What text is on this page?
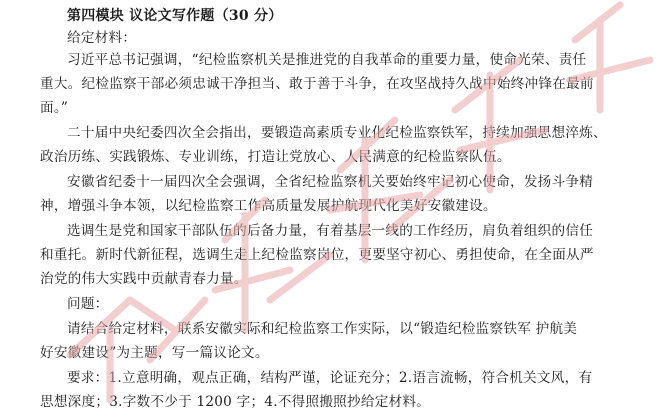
第四模块 议论文写作题（30 分）
给定材料：
习近平总书记强调，“纪检监察机关是推进党的自我革命的重要力量，使命光荣、责任
重大。纪检监察干部必须忠诚干净担当、敢于善于斗争，在攻坚战持久战中始终冲锋在最前
面。”
二十届中央纪委四次全会指出，要锻造高素质专业化纪检监察铁军，持续加强思想淬炼、
政治历练、实践锻炼、专业训练，打造让党放心、人民满意的纪检监察队伍。
安徽省纪委十一届四次全会强调，全省纪检监察机关要始终牢记初心使命，发扬斗争精
神，增强斗争本领，以纪检监察工作高质量发展护航现代化美好安徽建设。
选调生是党和国家干部队伍的后备力量，有着基层一线的工作经历，肩负着组织的信任
和重托。新时代新征程，选调生走上纪检监察岗位，更要坚守初心、勇担使命，在全面从严
治党的伟大实践中贡献青春力量。
问题：
请结合给定材料，联系安徽实际和纪检监察工作实际，以“锻造纪检监察铁军 护航美
好安徽建设”为主题，写一篇议论文。
要求：1.立意明确，观点正确，结构严谨，论证充分；2.语言流畅，符合机关文风，有
思想深度；3.字数不少于 1200 字；4.不得照搬照抄给定材料。
